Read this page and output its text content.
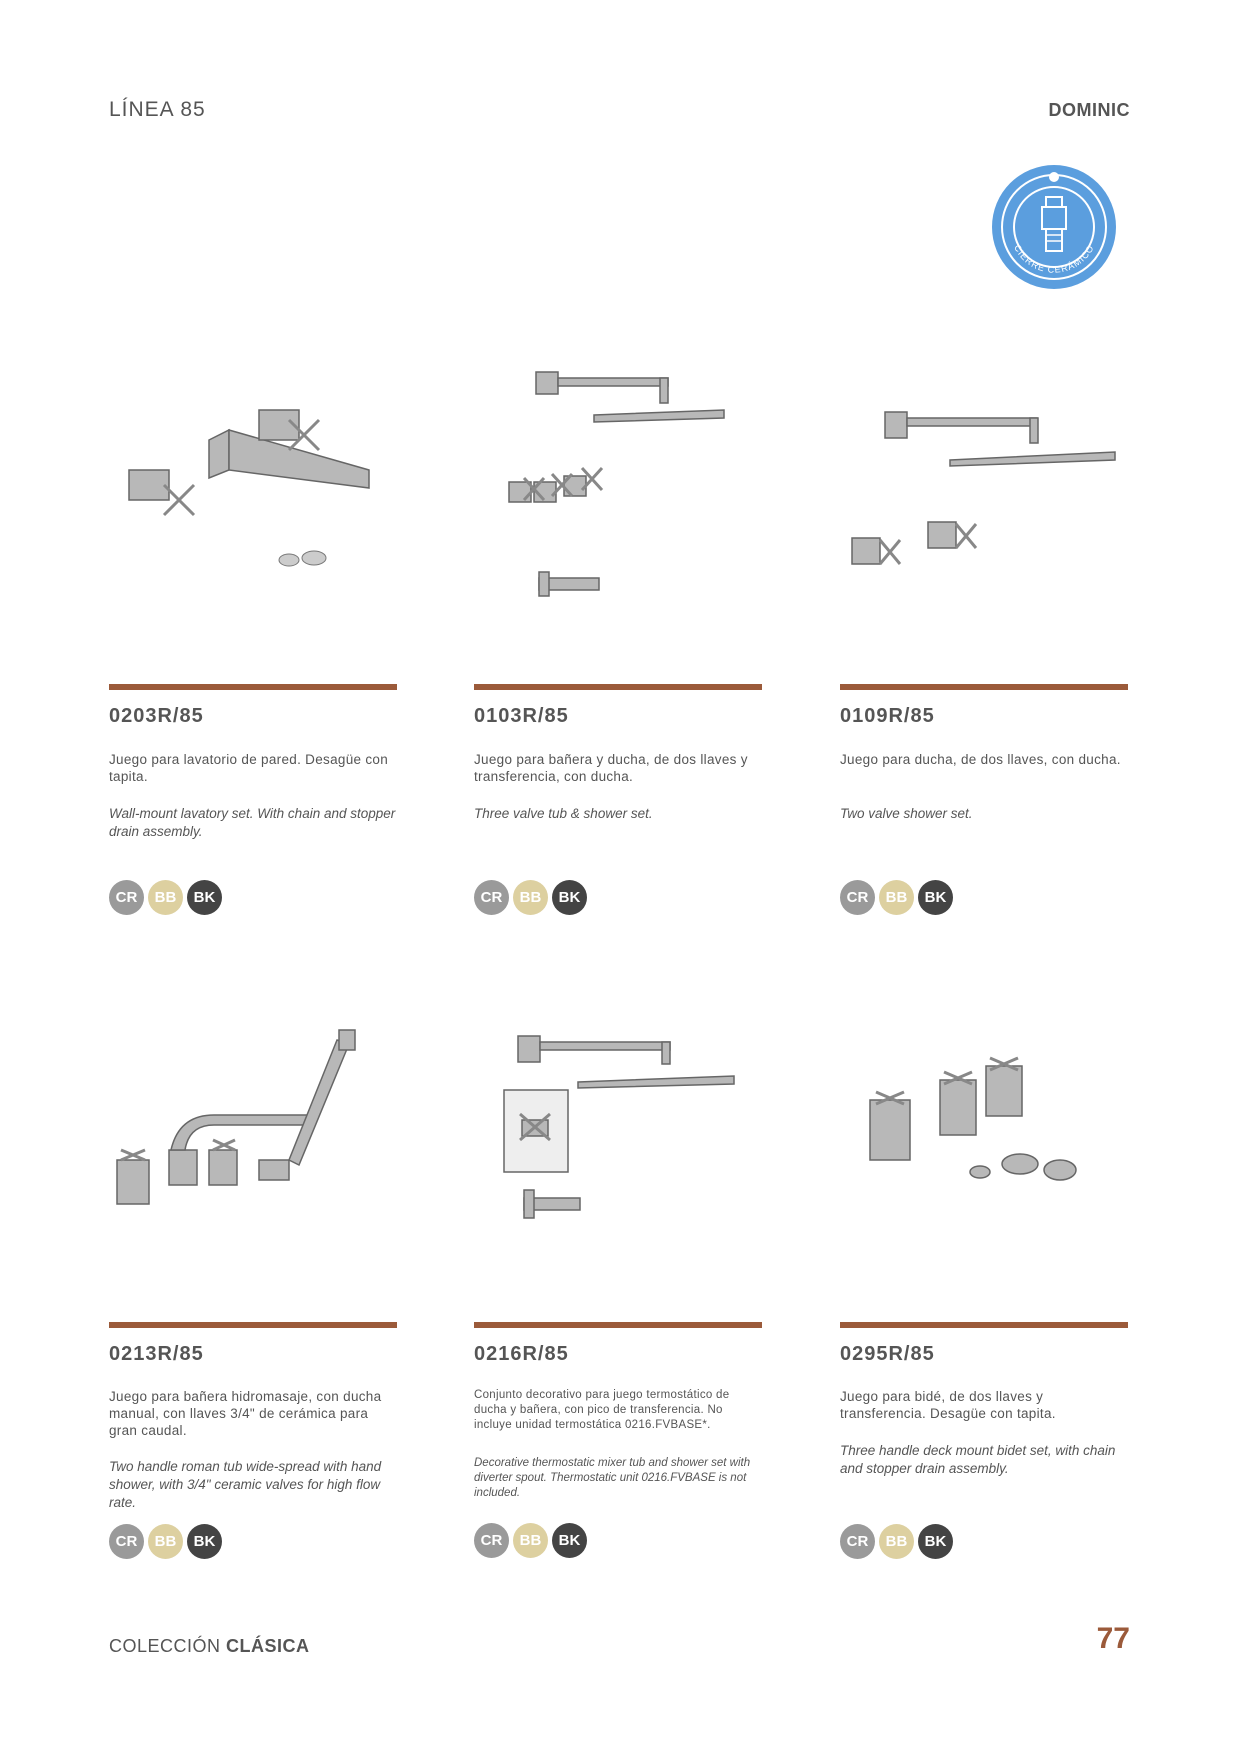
LÍNEA 85	DOMINIC
CIERRE CERÁMICO
0203R/85
Juego para lavatorio de pared. Desagüe con tapita.
Wall-mount lavatory set. With chain and stopper drain assembly.
CR	BB	BK
0103R/85
Juego para bañera y ducha, de dos llaves y transferencia, con ducha.
Three valve tub & shower set.
CR	BB	BK
0109R/85
Juego para ducha, de dos llaves, con ducha.
Two valve shower set.
CR	BB	BK
0213R/85
Juego para bañera hidromasaje, con ducha manual, con llaves 3/4" de cerámica para gran caudal.
Two handle roman tub wide-spread with hand shower, with 3/4" ceramic valves for high flow rate.
CR	BB	BK
0216R/85
Conjunto decorativo para juego termostático de ducha y bañera, con pico de transferencia. No incluye unidad termostática 0216.FVBASE*.
Decorative thermostatic mixer tub and shower set with diverter spout. Thermostatic unit 0216.FVBASE is not included.
CR	BB	BK
0295R/85
Juego para bidé, de dos llaves y transferencia. Desagüe con tapita.
Three handle deck mount bidet set, with chain and stopper drain assembly.
CR	BB	BK
COLECCIÓN CLÁSICA	77
